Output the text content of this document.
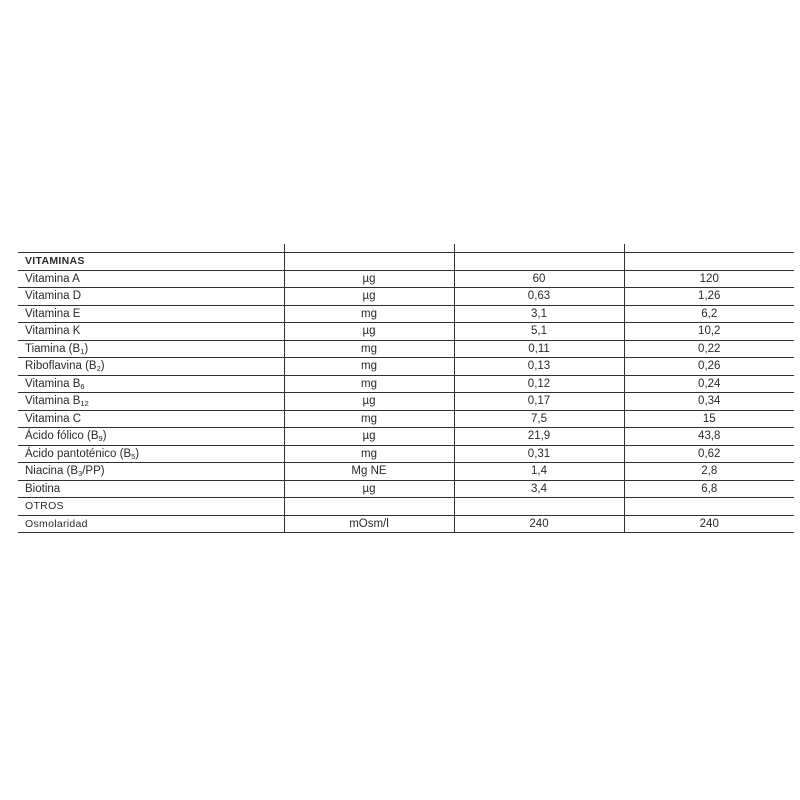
VITAMINAS			
Vitamina A	µg	60	120
Vitamina D	µg	0,63	1,26
Vitamina E	mg	3,1	6,2
Vitamina K	µg	5,1	10,2
Tiamina $(B_1)$	mg	0,11	0,22
Riboflavina $(B_2)$	mg	0,13	0,26
Vitamina $B_6$	mg	0,12	0,24
Vitamina $B_{12}$	µg	0,17	0,34
Vitamina C	mg	7,5	15
Ácido fólico $(B_9)$	µg	21,9	43,8
Ácido pantoténico $(B_5)$	mg	0,31	0,62
Niacina $(B_3/PP)$	Mg NE	1,4	2,8
Biotina	µg	3,4	6,8
OTROS			
Osmolaridad	mOsm/l	240	240
